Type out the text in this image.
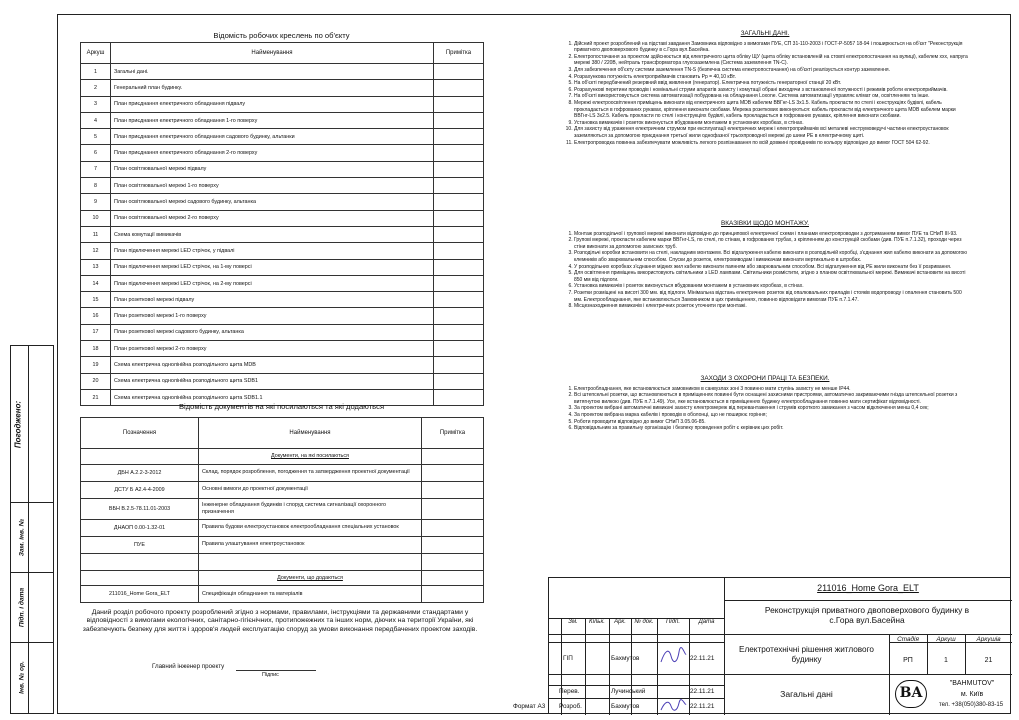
Погоджено:
Зам. інв. №
Підп. і дата
Інв. № ор.
Відомість робочих креслень по об'єкту
Аркуш	Найменування	Примітка
1	Загальні дані.	
2	Генеральний план будинку.	
3	План приєднання електричного обладнання підвалу	
4	План приєднання електричного обладнання 1-го поверху	
5	План приєднання електричного обладнання садового будинку, альтанки	
6	План приєднання електричного обладнання 2-го поверху	
7	План освітлювальної мережі підвалу	
8	План освітлювальної мережі 1-го поверху	
9	План освітлювальної мережі садового будинку, альтанка	
10	План освітлювальної мережі 2-го поверху	
11	Схема комутації вимикачів	
12	План підключення мережі LED стрічок, у підвалі	
13	План підключення мережі LED стрічок, на 1-му поверсі	
14	План підключення мережі LED стрічок, на 2-му поверсі	
15	План розеткової мережі підвалу	
16	План розеткової мережі 1-го поверху	
17	План розеткової мережі садового будинку, альтанка	
18	План розеткової мережі 2-го поверху	
19	Схема електрична однолінійна розподільного щита MDB	
20	Схема електрична однолінійна розподільного щита SDB1	
21	Схема електрична однолінійна розподільного щита SDB1.1	
Відомість документів на які посилаються та які додаються
Позначення	Найменування	Примітка
	Документи, на які посилаються	
ДБН А.2.2-3-2012	Склад, порядок розроблення, погодження та затвердження проектної документації	
ДСТУ Б А2.4-4-2009	Основні вимоги до проектної документації	
ВБН В.2.5-78.11.01-2003	Інженерне обладнання будинків і споруд система сигналізації охоронного призначення	
ДНАОП 0.00-1.32-01	Правила будови електроустановок електрообладнання спеціальних установок	
ПУЕ	Правила улаштування електроустановок	

	Документи, що додаються	
211016_Home Gora_ELT	Специфікація обладнання та матеріалів	
Даний розділ робочого проекту розроблений згідно з нормами, правилами, інструкціями та державними стандартами у відповідності з вимогами екологічних, санітарно-гігієнічних, протипожежних та інших норм, діючих на території України, які забезпечують безпеку для життя і здоров'я людей експлуатацію споруд за умови виконання передбачених проектом заходів.
Главний інженер проекту
Підпис
ЗАГАЛЬНІ ДАНІ.
1. Дійсний проект розроблений на підставі завдання Замовника відповідно з вимогами ПУЕ, СП 31-110-2003 і ГОСТ-Р-5057 18-94 і поширюється на об'єкт "Реконструкція приватного двоповерхового будинку в с.Гора вул.Басейна.
2. Електропостачання за проектом здійснюється від електричного щита обліку ЩУ (щита обліку встановленій на стовпі електропостачання на вулиці), кабелем ххх, напруга мережі 380 / 220В, нейтраль трансформатора глухозаземлена (Система заземлення TN-C).
3. Для забезпечення об'єкту системи заземлення TN-S (безпечна система електропостачання) на об'єкті реалізується контур заземлення.
4. Розрахункова потужність електроприймачів становить Рр = 40,10 кВт.
5. На об'єкті передбачений резервний ввід живлення (генератор). Електрична потужність генераторної станції 20 кВт.
6. Розрахункові перетини проводів і номінальні струми апаратів захисту і комутації обрані виходячи з встановленої потужності і режимів роботи електроприймачів.
7. На об'єкті використовується система автоматизації побудована на обладнання Loxone. Система автоматизації управляє клімат ом, освітленням та інше.
8. Мережі електроосвітлення приміщень виконати від електричного щита MDB кабелем ВВГнг-LS 3х1.5. Кабель прокласти по стелі і конструкціях будівлі, кабель прокладається в гофрованих рукавах, кріплення виконати скобами. Мережа розеткових виконуються: кабель прокласти від електричного щита MDB кабелем марки ВВГнг-LS 3х2.5. Кабель прокласти по стелі і конструкціях будівлі, кабель прокладається в гофрованих рукавах, кріплення виконати скобами.
9. Установка вимикачів і розеток виконується вбудованим монтажем в установних коробках, в стінах.
10. Для захисту від ураження електричним струмом при експлуатації електричних мереж і електроприймачів всі металеві неструмоведучі частини електроустановок заземляються за допомогою приєднання третьої жили однофазної трьохпроводної мережі до шини PE в електричному щиті.
11. Електропроводка повинна забезпечувати можливість легкого розпізнавання по всій довжині провідників по кольору відповідно до вимог ГОСТ 504 62-92.
ВКАЗІВКИ ЩОДО МОНТАЖУ.
1. Монтаж розподільчої і групової мережі виконати відповідно до принципової електричної схеми і планами електропроводки з дотриманням вимог ПУЕ та СНиП III-93.
2. Групові мережі, прокласти кабелем марки ВВГнг-LS, по стелі, по стінам, в гофрованих трубах, з кріпленням до конструкцій скобами (див. ПУЕ п.7.1.32), проходи через стіни виконати за допомогою захисних труб.
3. Розподільчі коробки встановити на стелі, накладним монтажем. Всі відгалуження кабелю виконати в розподільчій коробці, з'єднання жил кабелю виконати за допомогою клемників або зварювальним способом. Спуски до розеток, електровиводам і вимикачам виконати вертикально в штробах.
4. У розподільних коробках з'єднання мідних жил кабелю виконати паянням або зварювальним способом. Всі відгалуження від PE жили виконати без її розривання.
5. Для освітлення приміщень використовують світильники з LED лампами. Світильники розмістити, згідно з планом освітлювальної мережі. Вимикачі встановити на висоті 850 мм від підлоги.
6. Установка вимикачів і розеток виконується вбудованим монтажем в установних коробках, в стінах.
7. Розетки розміщені на висоті 300 мм. від підлоги. Мінімальна відстань електричних розеток від опалювальних приладів і стояків водопроводу і опалення становить 500 мм. Електрообладнання, яке встановлюється Замовником в цих приміщеннях, повинно відповідати вимогам ПУЕ п.7.1.47.
8. Місцезнаходження вимикачів і електричних розеток уточнити при монтажі.
ЗАХОДИ З ОХОРОНИ ПРАЦІ ТА БЕЗПЕКИ.
1. Електрообладнання, яке встановлюється замовником в санвузлах зоні 3 повинно мати ступінь захисту не менше IP44.
2. Всі штепсельні розетки, що встановлюються в приміщеннях повинні бути оснащені захисними пристроями, автоматично закриваючими гнізда штепсельної розетки з витягнутою вилкою (див. ПУЕ п.7.1.49). Усе, яке встановлюється в приміщеннях будинку електрообладнання повинно мати сертифікат відповідності.
3. За проектом вибрані автоматичні вимикачі захисту електромереж від перевантаження і струмів короткого замикання з часом відключення менш 0,4 сек;
4. За проектом вибрана марка кабелів і проводів в оболонці, що не поширює горіння;
5. Роботи проводити відповідно до вимог СНиП 3.05.06-85.
6. Відповідальним за правильну організацію і безпеку проведення робіт є керівник цих робіт.
211016_Home Gora_ELT
Реконструкція приватного двоповерхового будинку в с.Гора вул.Басейна
Зм.	Кільк.	Арк.	№ док.	Підп.	Дата
ГІП	Бахмутов	22.11.21
Перев.	Лучинський	22.11.21
Формат А3 Розроб.	Бахмутов	22.11.21
Електротехнічні рішення житлового будинку
Загальні дані
Стадія	Аркуш	Аркушів
РП	1	21
BA
"BAHMUTOV"
м. Київ
тел. +38(050)380-83-15
